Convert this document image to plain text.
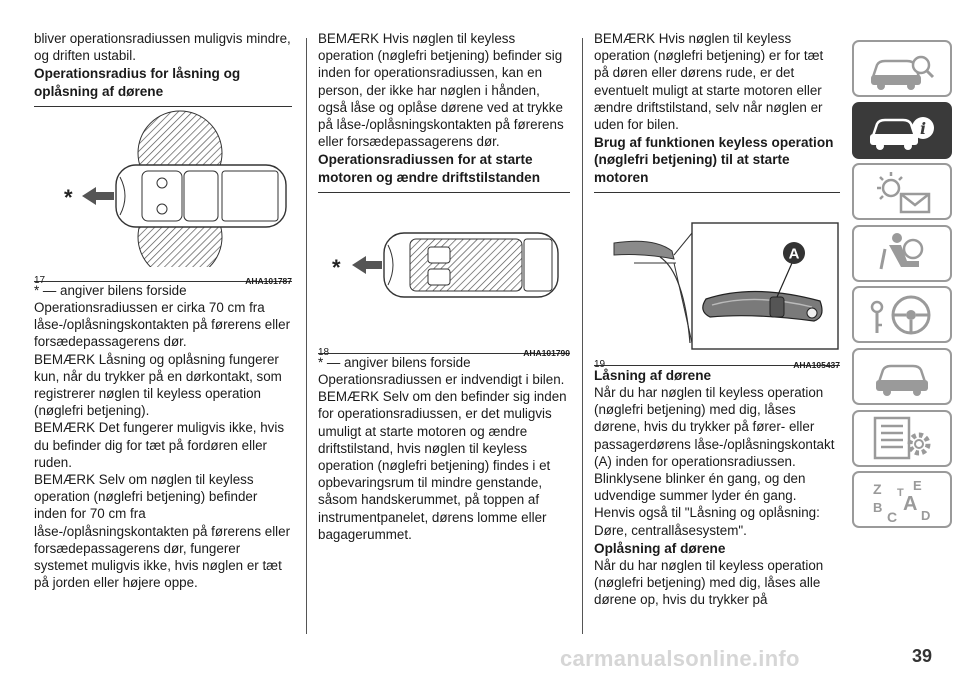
bliver operationsradiussen muligvis mindre, og driften ustabil.

Operationsradius for låsning og oplåsning af dørene
*
17	AHA101787

* — angiver bilens forside

Operationsradiussen er cirka 70 cm fra låse-/oplåsningskontakten på førerens eller forsædepassagerens dør.

BEMÆRK Låsning og oplåsning fungerer kun, når du trykker på en dørkontakt, som registrerer nøglen til keyless operation (nøglefri betjening).

BEMÆRK Det fungerer muligvis ikke, hvis du befinder dig for tæt på fordøren eller ruden.

BEMÆRK Selv om nøglen til keyless operation (nøglefri betjening) befinder inden for 70 cm fra låse-/oplåsningskontakten på førerens eller forsædepassagerens dør, fungerer systemet muligvis ikke, hvis nøglen er tæt på jorden eller højere oppe.

BEMÆRK Hvis nøglen til keyless operation (nøglefri betjening) befinder sig inden for operationsradiussen, kan en person, der ikke har nøglen i hånden, også låse og oplåse dørene ved at trykke på låse-/oplåsningskontakten på førerens eller forsædepassagerens dør.

Operationsradiussen for at starte motoren og ændre driftstilstanden
*
18	AHA101790

* — angiver bilens forside

Operationsradiussen er indvendigt i bilen.

BEMÆRK Selv om den befinder sig inden for operationsradiussen, er det muligvis umuligt at starte motoren og ændre driftstilstand, hvis nøglen til keyless operation (nøglefri betjening) findes i et opbevaringsrum til mindre genstande, såsom handskerummet, på toppen af instrumentpanelet, dørens lomme eller bagagerummet.

BEMÆRK Hvis nøglen til keyless operation (nøglefri betjening) er for tæt på døren eller dørens rude, er det eventuelt muligt at starte motoren eller ændre driftstilstand, selv når nøglen er uden for bilen.

Brug af funktionen keyless operation (nøglefri betjening) til at starte motoren
A
19	AHA105437
Låsning af dørene

Når du har nøglen til keyless operation (nøglefri betjening) med dig, låses dørene, hvis du trykker på fører- eller passagerdørens låse-/oplåsningskontakt (A) inden for operationsradiussen.

Blinklysene blinker én gang, og den udvendige summer lyder én gang.

Henvis også til "Låsning og oplåsning: Døre, centrallåsesystem".

Oplåsning af dørene

Når du har nøglen til keyless operation (nøglefri betjening) med dig, låses alle dørene op, hvis du trykker på

i
Z E
B A
C
T
D
carmanualsonline.info	39
